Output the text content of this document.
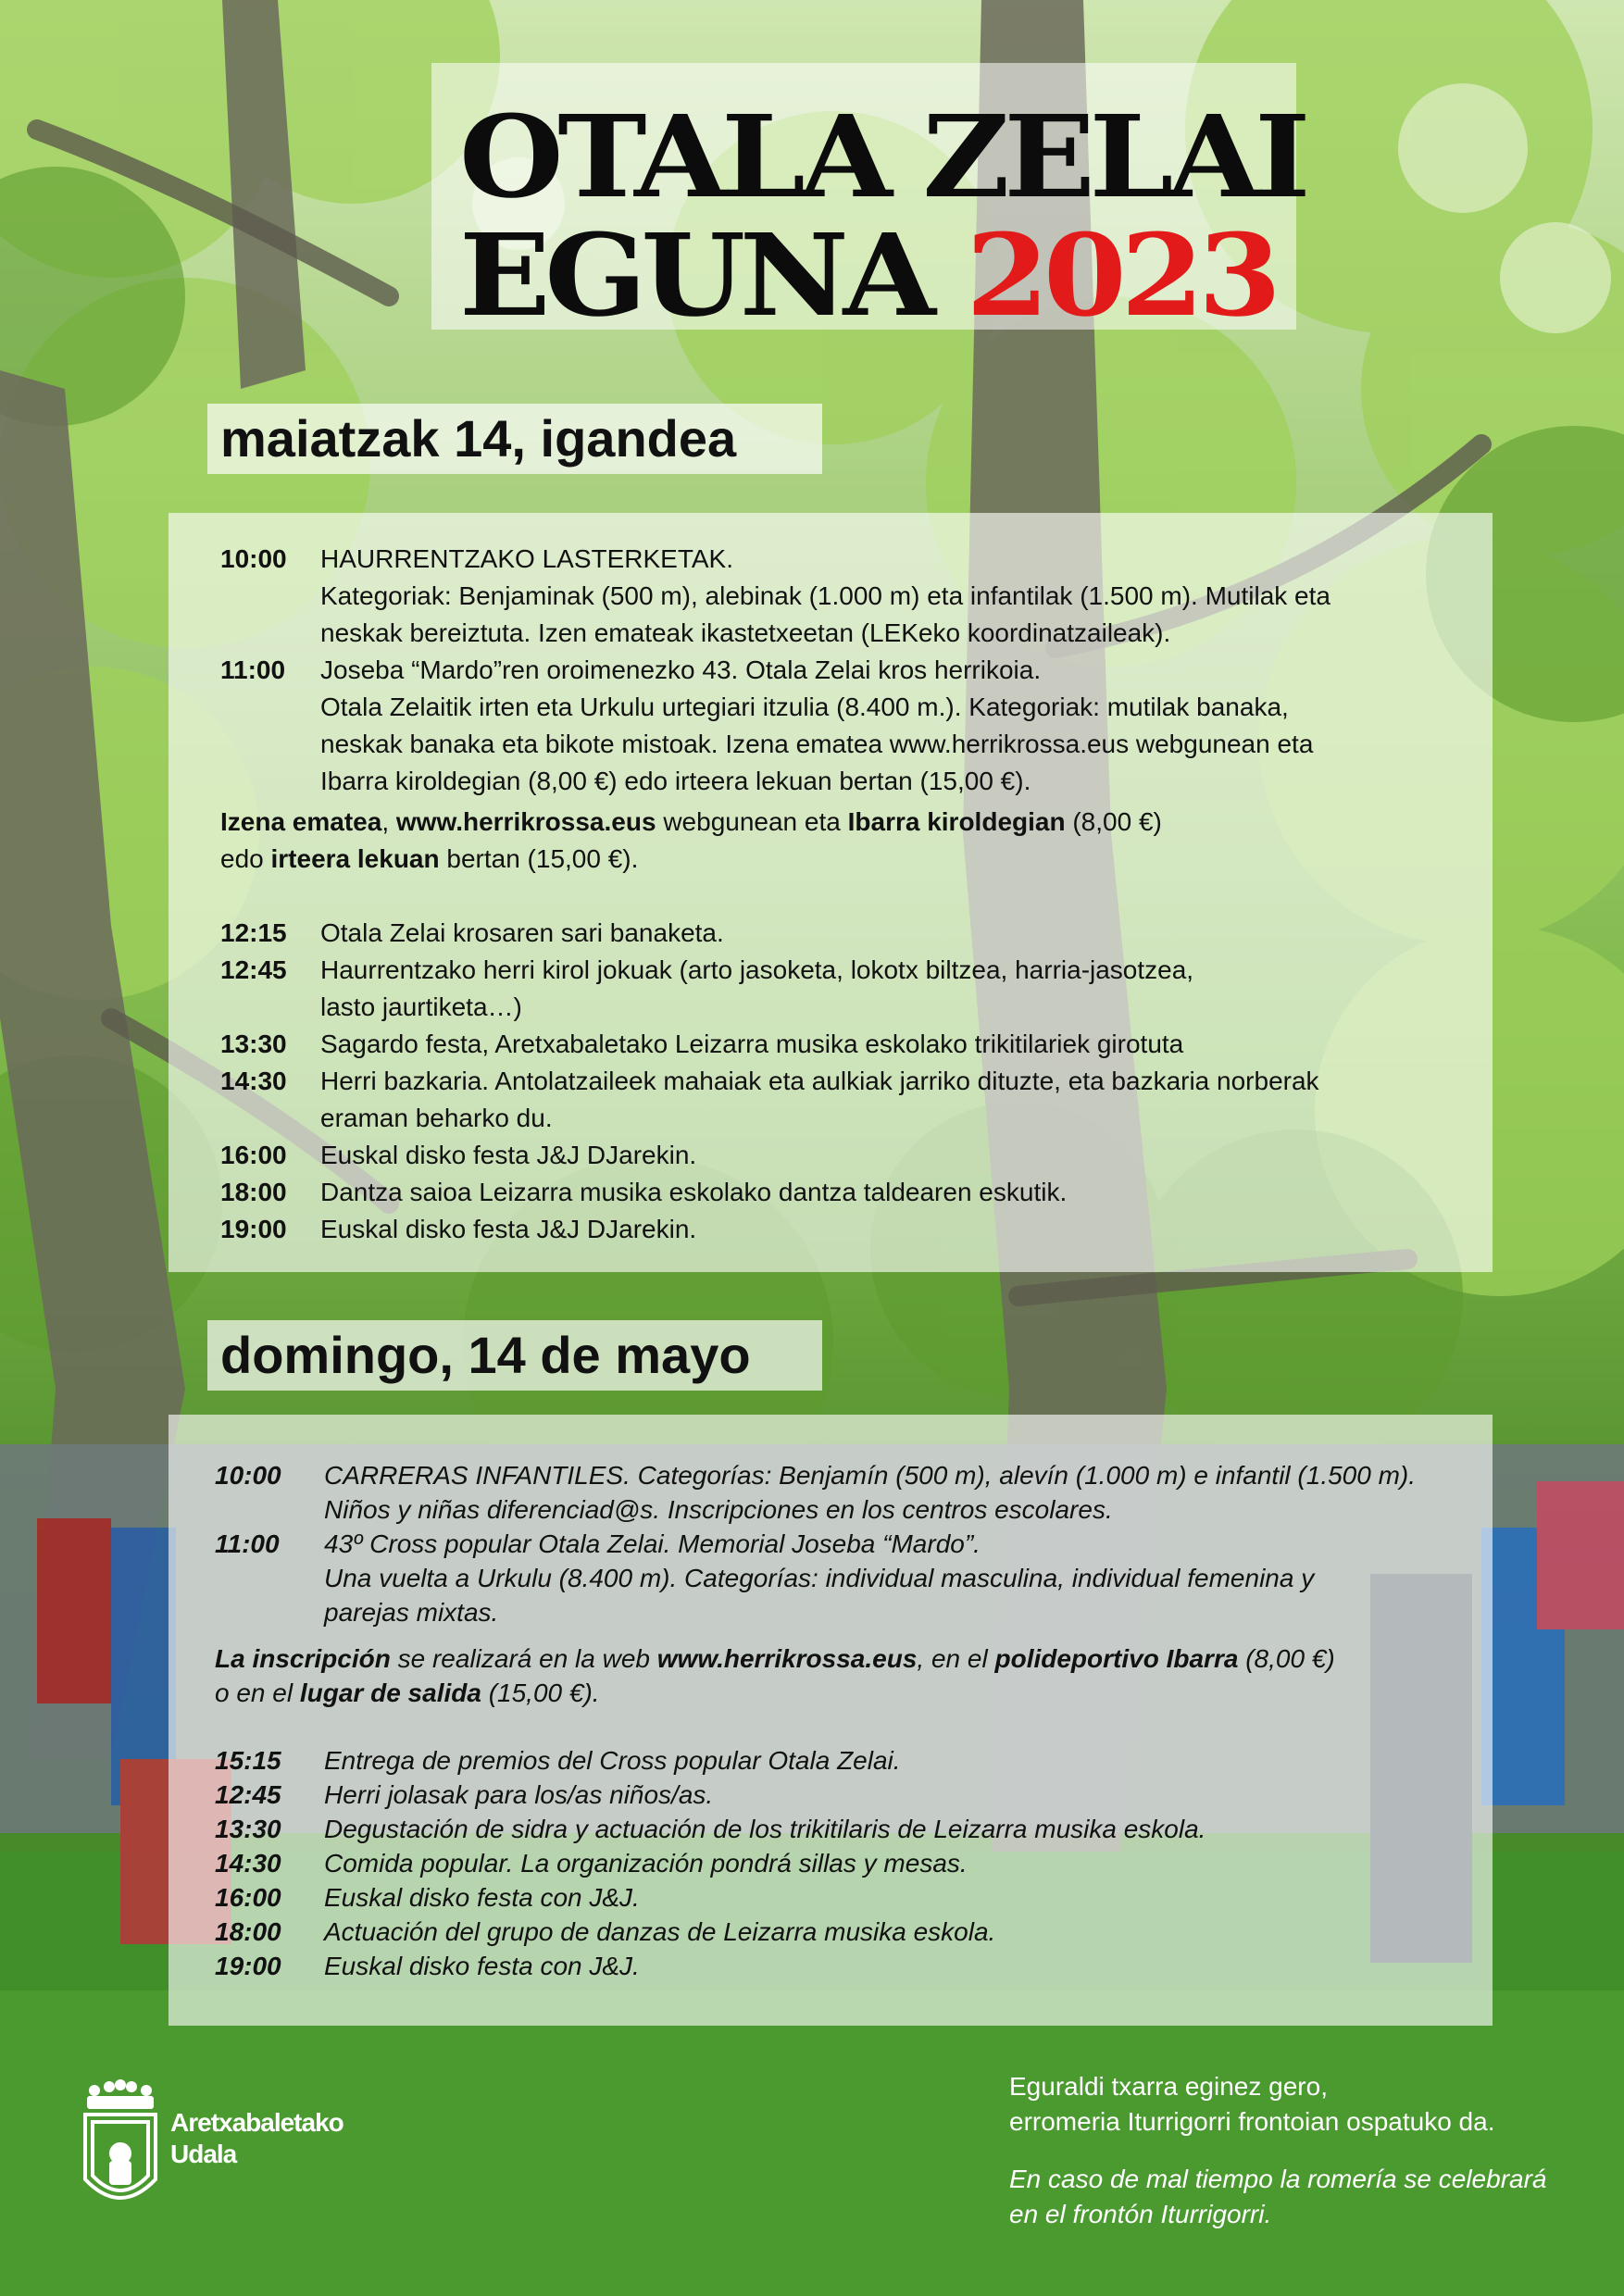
OTALA ZELAI
EGUNA 2023
maiatzak 14, igandea
10:00 HAURRENTZAKO LASTERKETAK.
Kategoriak: Benjaminak (500 m), alebinak (1.000 m) eta infantilak (1.500 m). Mutilak eta
neskak bereiztuta. Izen emateak ikastetxeetan (LEKeko koordinatzaileak).
11:00 Joseba “Mardo”ren oroimenezko 43. Otala Zelai kros herrikoia.
Otala Zelaitik irten eta Urkulu urtegiari itzulia (8.400 m.). Kategoriak: mutilak banaka,
neskak banaka eta bikote mistoak. Izena ematea www.herrikrossa.eus webgunean eta
Ibarra kiroldegian (8,00 €) edo irteera lekuan bertan (15,00 €).
Izena ematea, www.herrikrossa.eus webgunean eta Ibarra kiroldegian (8,00 €)
edo irteera lekuan bertan (15,00 €).
12:15 Otala Zelai krosaren sari banaketa.
12:45 Haurrentzako herri kirol jokuak (arto jasoketa, lokotx biltzea, harria-jasotzea,
lasto jaurtiketa…)
13:30 Sagardo festa, Aretxabaletako Leizarra musika eskolako trikitilariek girotuta
14:30 Herri bazkaria. Antolatzaileek mahaiak eta aulkiak jarriko dituzte, eta bazkaria norberak
eraman beharko du.
16:00 Euskal disko festa J&J DJarekin.
18:00 Dantza saioa Leizarra musika eskolako dantza taldearen eskutik.
19:00 Euskal disko festa J&J DJarekin.
domingo, 14 de mayo
10:00 CARRERAS INFANTILES. Categorías: Benjamín (500 m), alevín (1.000 m) e infantil (1.500 m).
Niños y niñas diferenciad@s. Inscripciones en los centros escolares.
11:00 43º Cross popular Otala Zelai. Memorial Joseba “Mardo”.
Una vuelta a Urkulu (8.400 m). Categorías: individual masculina, individual femenina y
parejas mixtas.
La inscripción se realizará en la web www.herrikrossa.eus, en el polideportivo Ibarra (8,00 €)
o en el lugar de salida (15,00 €).
15:15 Entrega de premios del Cross popular Otala Zelai.
12:45 Herri jolasak para los/as niños/as.
13:30 Degustación de sidra y actuación de los trikitilaris de Leizarra musika eskola.
14:30 Comida popular. La organización pondrá sillas y mesas.
16:00 Euskal disko festa con J&J.
18:00 Actuación del grupo de danzas de Leizarra musika eskola.
19:00 Euskal disko festa con J&J.
Aretxabaletako
Udala
Eguraldi txarra eginez gero,
erromeria Iturrigorri frontoian ospatuko da.
En caso de mal tiempo la romería se celebrará
en el frontón Iturrigorri.
